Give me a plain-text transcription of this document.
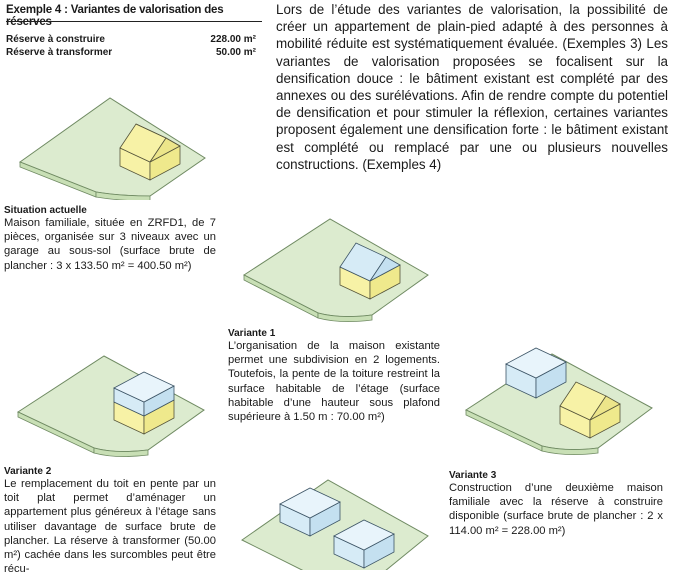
Exemple 4 : Variantes de valorisation des réserves
Réserve à construire	228.00 m²
Réserve à transformer	50.00 m²
Lors de l’étude des variantes de valorisation, la possibilité de créer un appartement de plain-pied adapté à des personnes à mobilité réduite est systématiquement évaluée. (Exemples 3) Les variantes de valorisation proposées se focalisent sur la densification douce : le bâtiment existant est complété par des annexes ou des surélévations. Afin de rendre compte du potentiel de densification et pour stimuler la réflexion, certaines variantes proposent également une densification forte : le bâtiment existant est complété ou remplacé par une ou plusieurs nouvelles constructions. (Exemples 4)
Situation actuelle
Maison familiale, située en ZRFD1, de 7 pièces, organisée sur 3 niveaux avec un garage au sous-sol (surface brute de plancher : 3 x 133.50 m² = 400.50 m²)
Variante 1
L’organisation de la maison existante permet une subdivision en 2 logements. Toutefois, la pente de la toiture restreint la surface habitable de l’étage (surface habitable d’une hauteur sous plafond supérieure à 1.50 m : 70.00 m²)
Variante 2
Le remplacement du toit en pente par un toit plat permet d’aménager un appartement plus généreux à l’étage sans utiliser davantage de surface brute de plancher. La réserve à transformer (50.00 m²) cachée dans les surcombles peut être récu-
Variante 3
Construction d’une deuxième maison familiale avec la réserve à construire disponible (surface brute de plancher : 2 x 114.00 m² = 228.00 m²)
